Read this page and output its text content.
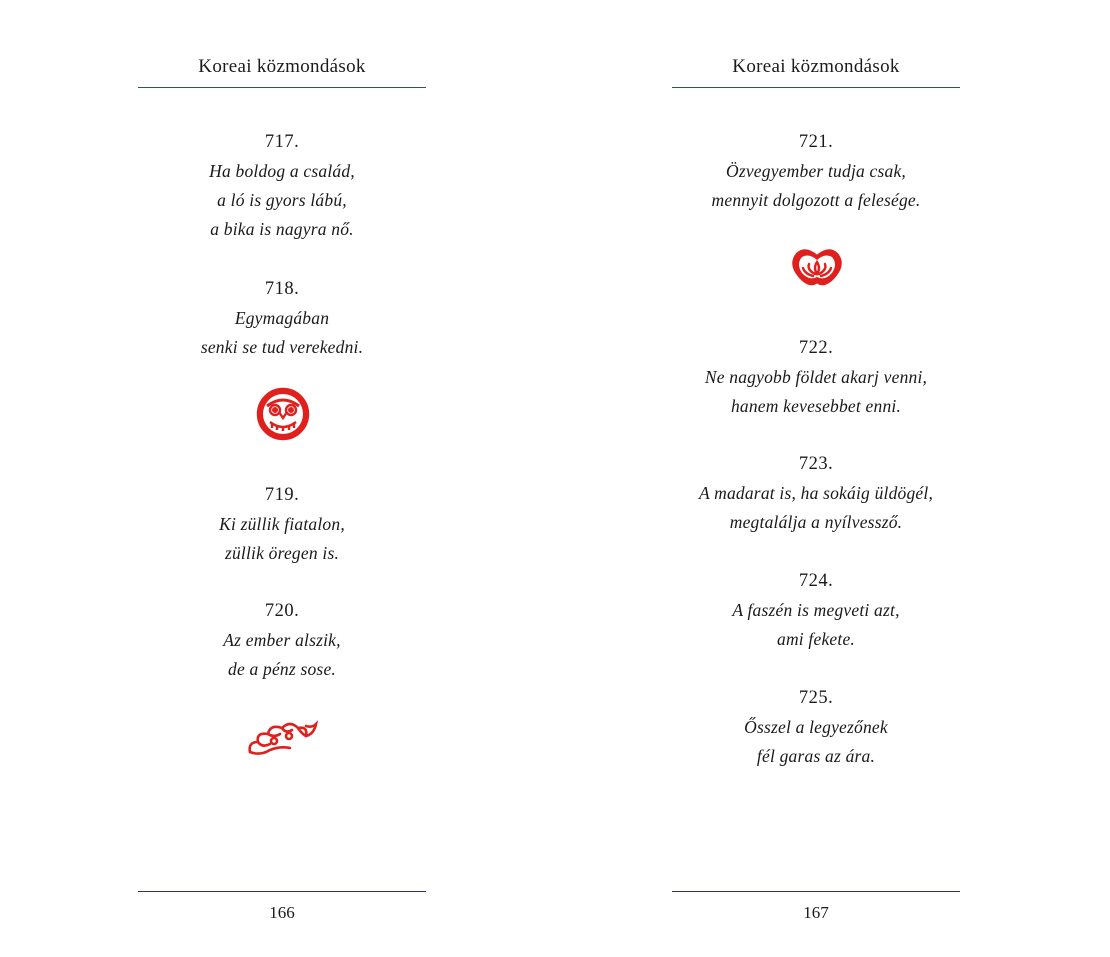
Koreai közmondások
717.
Ha boldog a család,
a ló is gyors lábú,
a bika is nagyra nő.
718.
Egymagában
senki se tud verekedni.
719.
Ki züllik fiatalon,
züllik öregen is.
720.
Az ember alszik,
de a pénz sose.
166
Koreai közmondások
721.
Özvegyember tudja csak,
mennyit dolgozott a felesége.
722.
Ne nagyobb földet akarj venni,
hanem kevesebbet enni.
723.
A madarat is, ha sokáig üldögél,
megtalálja a nyílvessző.
724.
A faszén is megveti azt,
ami fekete.
725.
Ősszel a legyezőnek
fél garas az ára.
167
